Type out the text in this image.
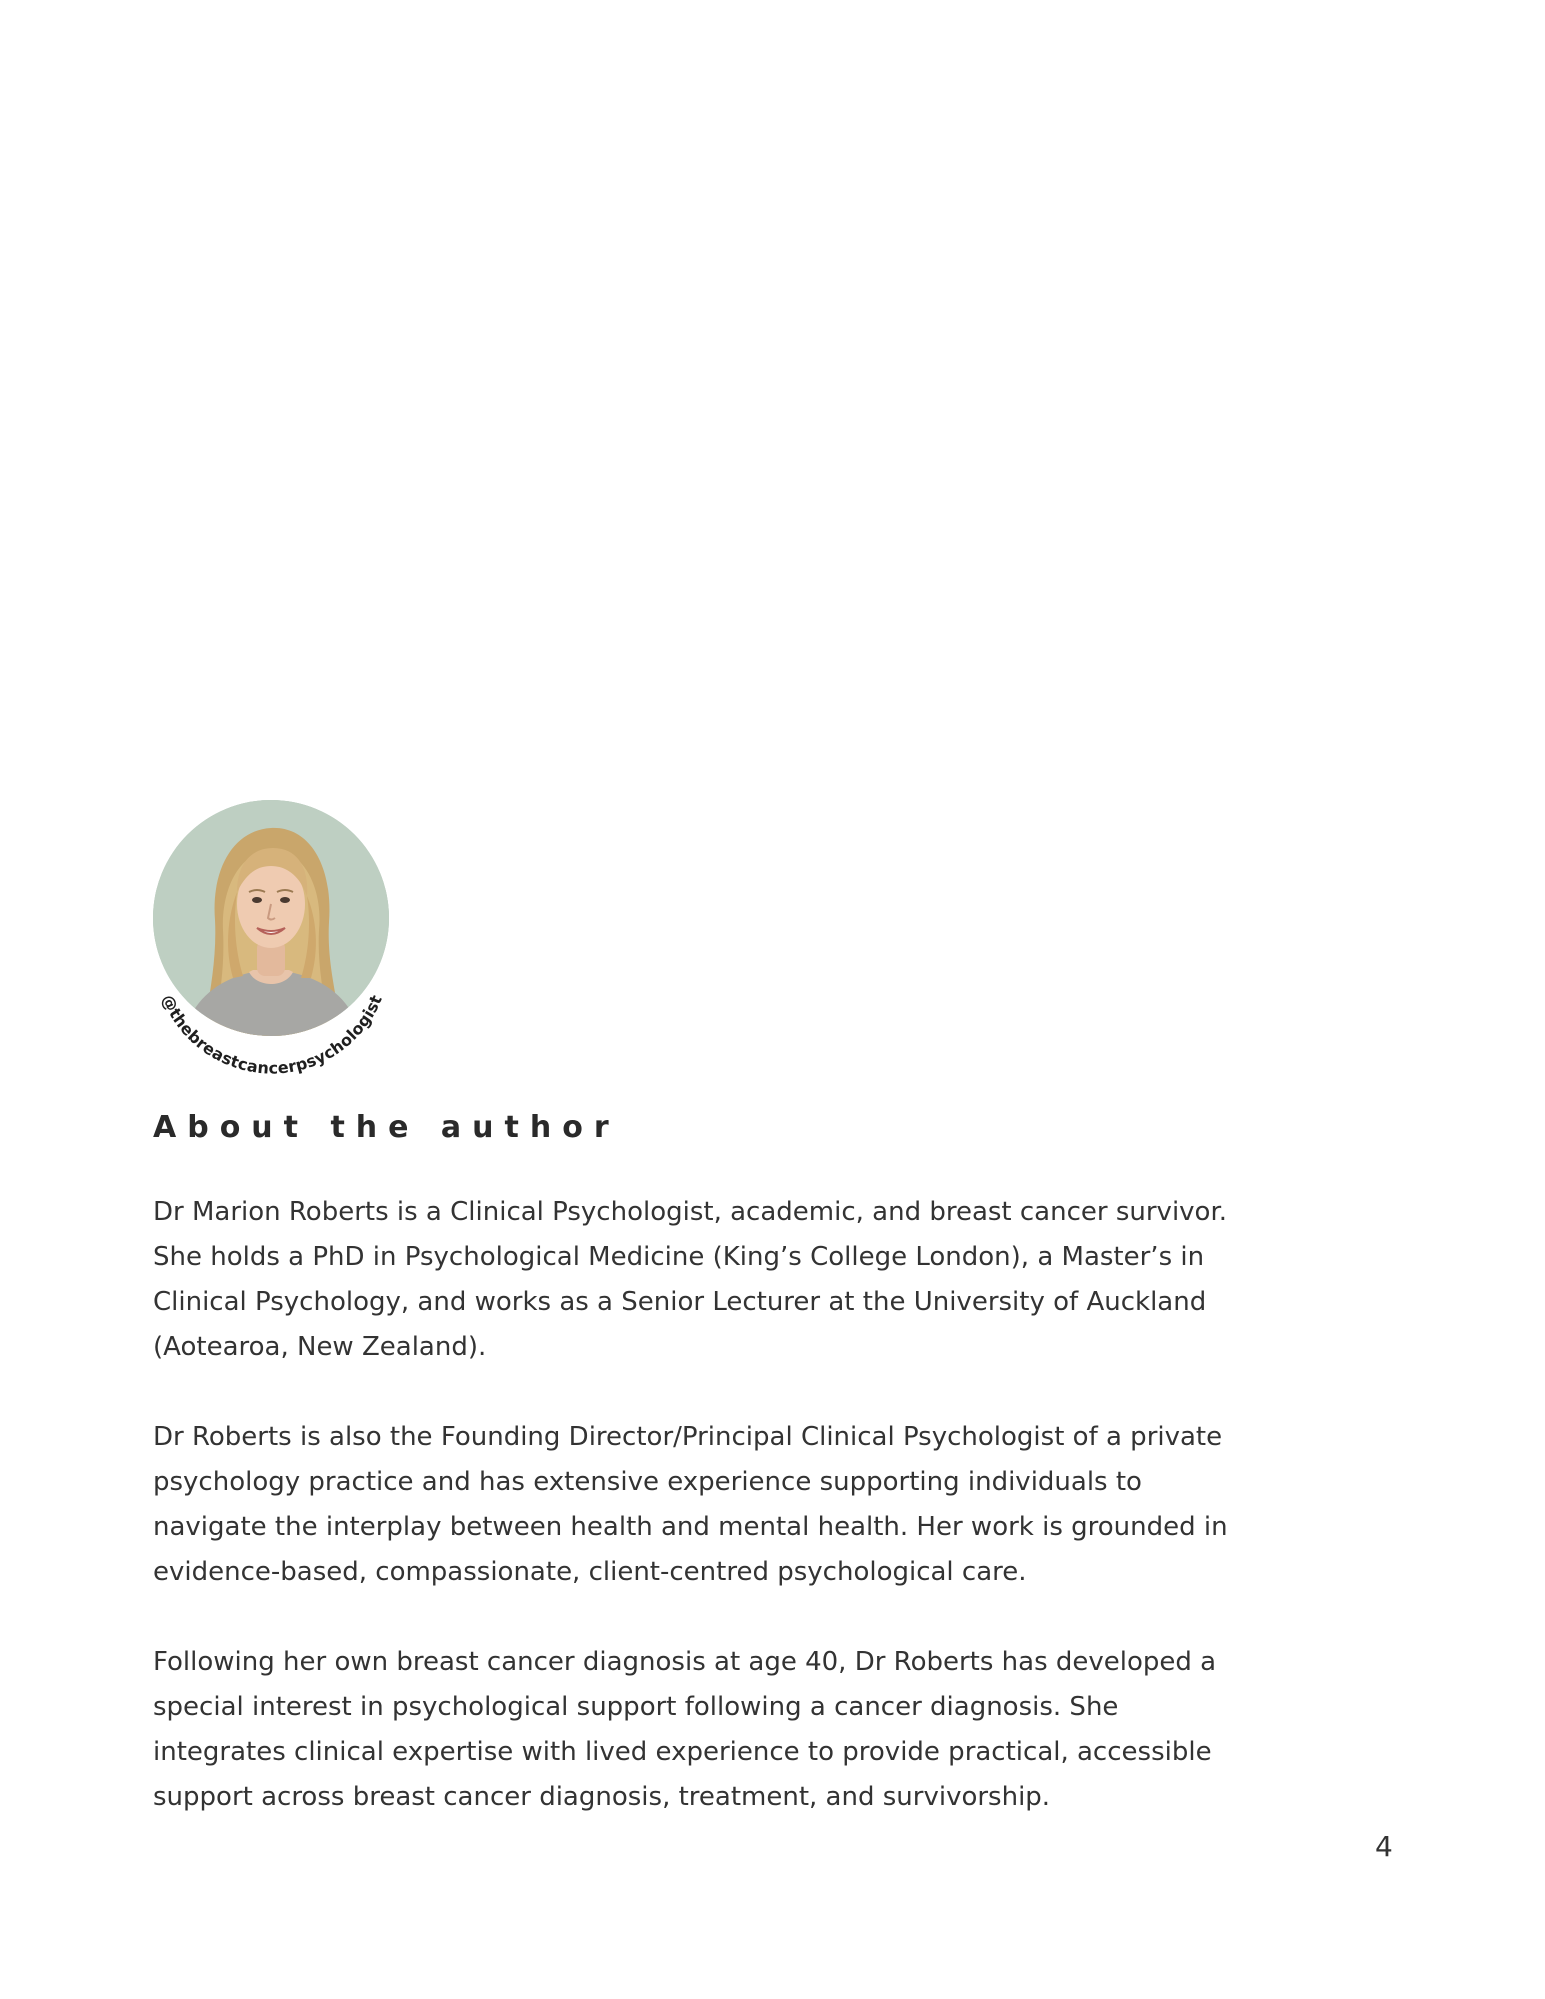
@thebreastcancerpsychologist
About the author

Dr Marion Roberts is a Clinical Psychologist, academic, and breast cancer survivor.
She holds a PhD in Psychological Medicine (King’s College London), a Master’s in
Clinical Psychology, and works as a Senior Lecturer at the University of Auckland
(Aotearoa, New Zealand).

Dr Roberts is also the Founding Director/Principal Clinical Psychologist of a private
psychology practice and has extensive experience supporting individuals to
navigate the interplay between health and mental health. Her work is grounded in
evidence-based, compassionate, client-centred psychological care.

Following her own breast cancer diagnosis at age 40, Dr Roberts has developed a
special interest in psychological support following a cancer diagnosis. She
integrates clinical expertise with lived experience to provide practical, accessible
support across breast cancer diagnosis, treatment, and survivorship.

4
